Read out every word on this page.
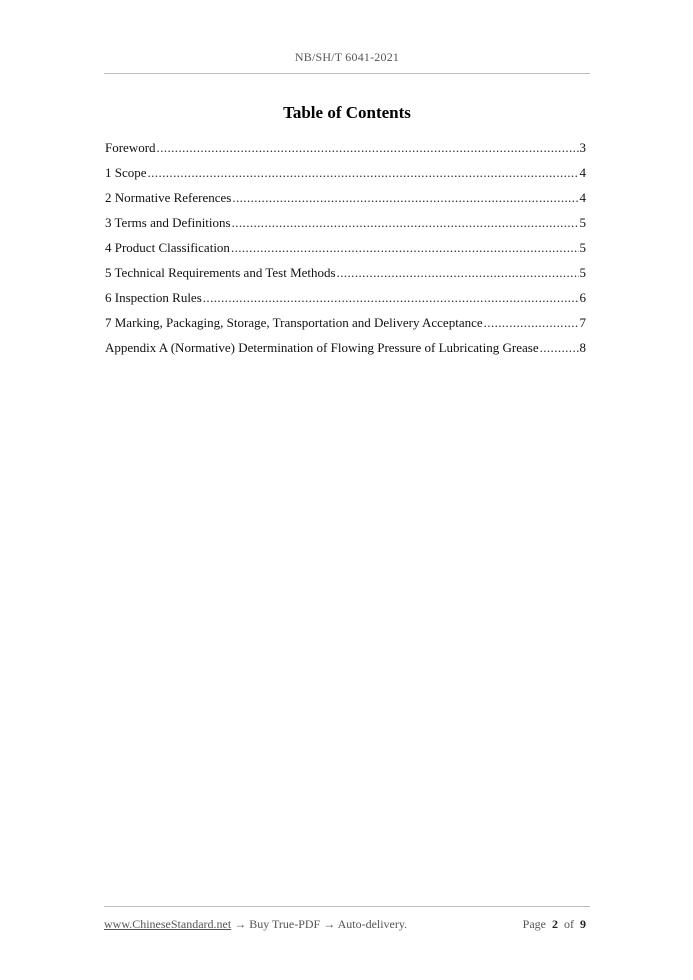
NB/SH/T 6041-2021
Table of Contents
Foreword .....	3
1 Scope .....	4
2 Normative References .....	4
3 Terms and Definitions .....	5
4 Product Classification .....	5
5 Technical Requirements and Test Methods .....	5
6 Inspection Rules .....	6
7 Marking, Packaging, Storage, Transportation and Delivery Acceptance .....	7
Appendix A (Normative) Determination of Flowing Pressure of Lubricating Grease .....	8
www.ChineseStandard.net → Buy True-PDF → Auto-delivery.	Page 2 of 9
